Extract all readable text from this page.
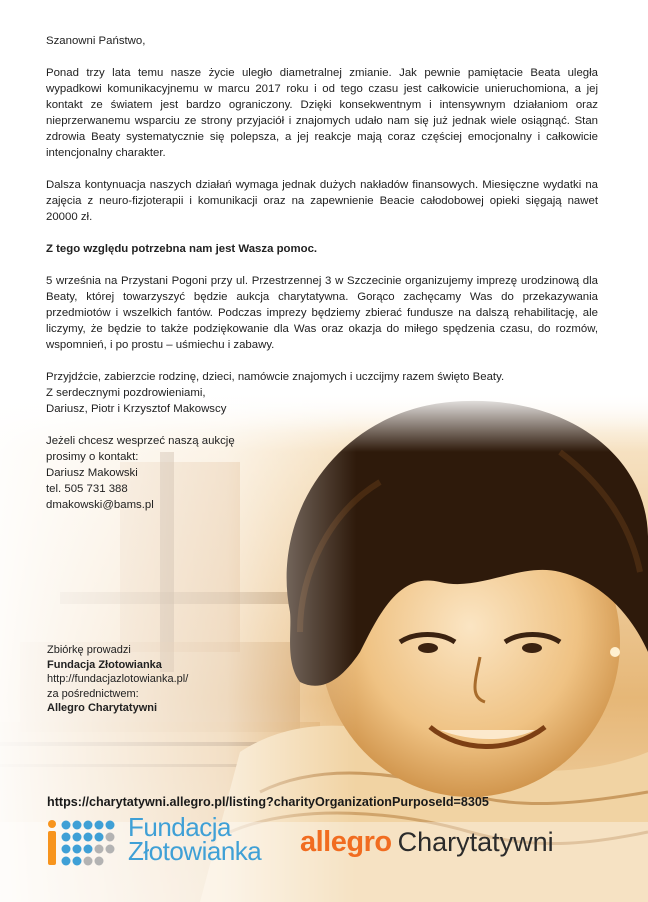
Szanowni Państwo,

Ponad trzy lata temu nasze życie uległo diametralnej zmianie. Jak pewnie pamiętacie Beata uległa wypadkowi komunikacyjnemu w marcu 2017 roku i od tego czasu jest całkowicie unieruchomiona, a jej kontakt ze światem jest bardzo ograniczony. Dzięki konsekwentnym i intensywnym działaniom oraz nieprzerwanemu wsparciu ze strony przyjaciół i znajomych udało nam się już jednak wiele osiągnąć. Stan zdrowia Beaty systematycznie się polepsza, a jej reakcje mają coraz częściej emocjonalny i całkowicie intencjonalny charakter.

Dalsza kontynuacja naszych działań wymaga jednak dużych nakładów finansowych. Miesięczne wydatki na zajęcia z neuro-fizjoterapii i komunikacji oraz na zapewnienie Beacie całodobowej opieki sięgają nawet 20000 zł.

Z tego względu potrzebna nam jest Wasza pomoc.

5 września na Przystani Pogoni przy ul. Przestrzennej 3 w Szczecinie organizujemy imprezę urodzinową dla Beaty, której towarzyszyć będzie aukcja charytatywna. Gorąco zachęcamy Was do przekazywania przedmiotów i wszelkich fantów. Podczas imprezy będziemy zbierać fundusze na dalszą rehabilitację, ale liczymy, że będzie to także podziękowanie dla Was oraz okazja do miłego spędzenia czasu, do rozmów, wspomnień, i po prostu – uśmiechu i zabawy.

Przyjdźcie, zabierzcie rodzinę, dzieci, namówcie znajomych i uczcijmy razem święto Beaty.

Z serdecznymi pozdrowieniami,
Dariusz, Piotr i Krzysztof Makowscy
Jeżeli chcesz wesprzeć naszą aukcję
prosimy o kontakt:
Dariusz Makowski
tel. 505 731 388
dmakowski@bams.pl
Zbiórkę prowadzi
Fundacja Złotowianka
http://fundacjazlotowianka.pl/
za pośrednictwem:
Allegro Charytatywni
https://charytatywni.allegro.pl/listing?charityOrganizationPurposeId=8305
Fundacja
Złotowianka allegro Charytatywni
